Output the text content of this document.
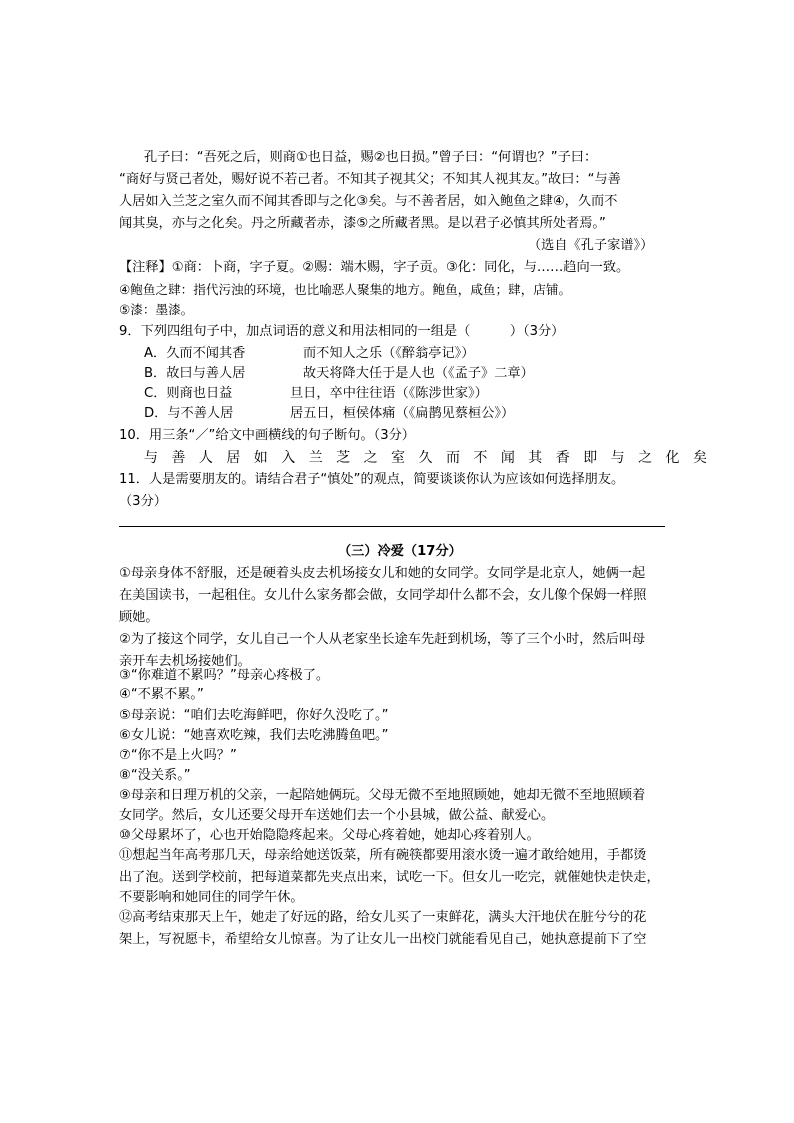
孔子曰：“吾死之后，则商①也日益，赐②也日损。”曾子曰：“何谓也？”子曰：
“商好与贤己者处，赐好说不若己者。不知其子视其父；不知其人视其友。”故曰：“与善
人居如入兰芝之室久而不闻其香即与之化③矣。与不善者居，如入鲍鱼之肆④，久而不
闻其臭，亦与之化矣。丹之所藏者赤，漆⑤之所藏者黑。是以君子必慎其所处者焉。”
（选自《孔子家谱》）
【注释】①商：卜商，字子夏。②赐：端木赐，字子贡。③化：同化，与……趋向一致。
④鲍鱼之肆：指代污浊的环境，也比喻恶人聚集的地方。鲍鱼，咸鱼；肆，店铺。
⑤漆：墨漆。
9．下列四组句子中，加点词语的意义和用法相同的一组是（　　　）（3分）
A．久而不闻其香	而不知人之乐（《醉翁亭记》）
B．故曰与善人居	故天将降大任于是人也（《孟子》二章）
C．则商也日益	旦日，卒中往往语（《陈涉世家》）
D．与不善人居	居五日，桓侯体痛（《扁鹊见蔡桓公》）
10．用三条“／”给文中画横线的句子断句。（3分）
与 善 人 居 如 入 兰 芝 之 室 久 而 不 闻 其 香 即 与 之 化 矣
11．人是需要朋友的。请结合君子“慎处”的观点，简要谈谈你认为应该如何选择朋友。
（3分）
（三）冷爱（17分）
①母亲身体不舒服，还是硬着头皮去机场接女儿和她的女同学。女同学是北京人，她俩一起
在美国读书，一起租住。女儿什么家务都会做，女同学却什么都不会，女儿像个保姆一样照
顾她。
②为了接这个同学，女儿自己一个人从老家坐长途车先赶到机场，等了三个小时，然后叫母
亲开车去机场接她们。
③“你难道不累吗？”母亲心疼极了。
④“不累不累。”
⑤母亲说：“咱们去吃海鲜吧，你好久没吃了。”
⑥女儿说：“她喜欢吃辣，我们去吃沸腾鱼吧。”
⑦“你不是上火吗？”
⑧“没关系。”
⑨母亲和日理万机的父亲，一起陪她俩玩。父母无微不至地照顾她，她却无微不至地照顾着
女同学。然后，女儿还要父母开车送她们去一个小县城，做公益、献爱心。
⑩父母累坏了，心也开始隐隐疼起来。父母心疼着她，她却心疼着别人。
⑪想起当年高考那几天，母亲给她送饭菜，所有碗筷都要用滚水烫一遍才敢给她用，手都烫
出了泡。送到学校前，把每道菜都先夹点出来，试吃一下。但女儿一吃完，就催她快走快走，
不要影响和她同住的同学午休。
⑫高考结束那天上午，她走了好远的路，给女儿买了一束鲜花，满头大汗地伏在脏兮兮的花
架上，写祝愿卡，希望给女儿惊喜。为了让女儿一出校门就能看见自己，她执意提前下了空
